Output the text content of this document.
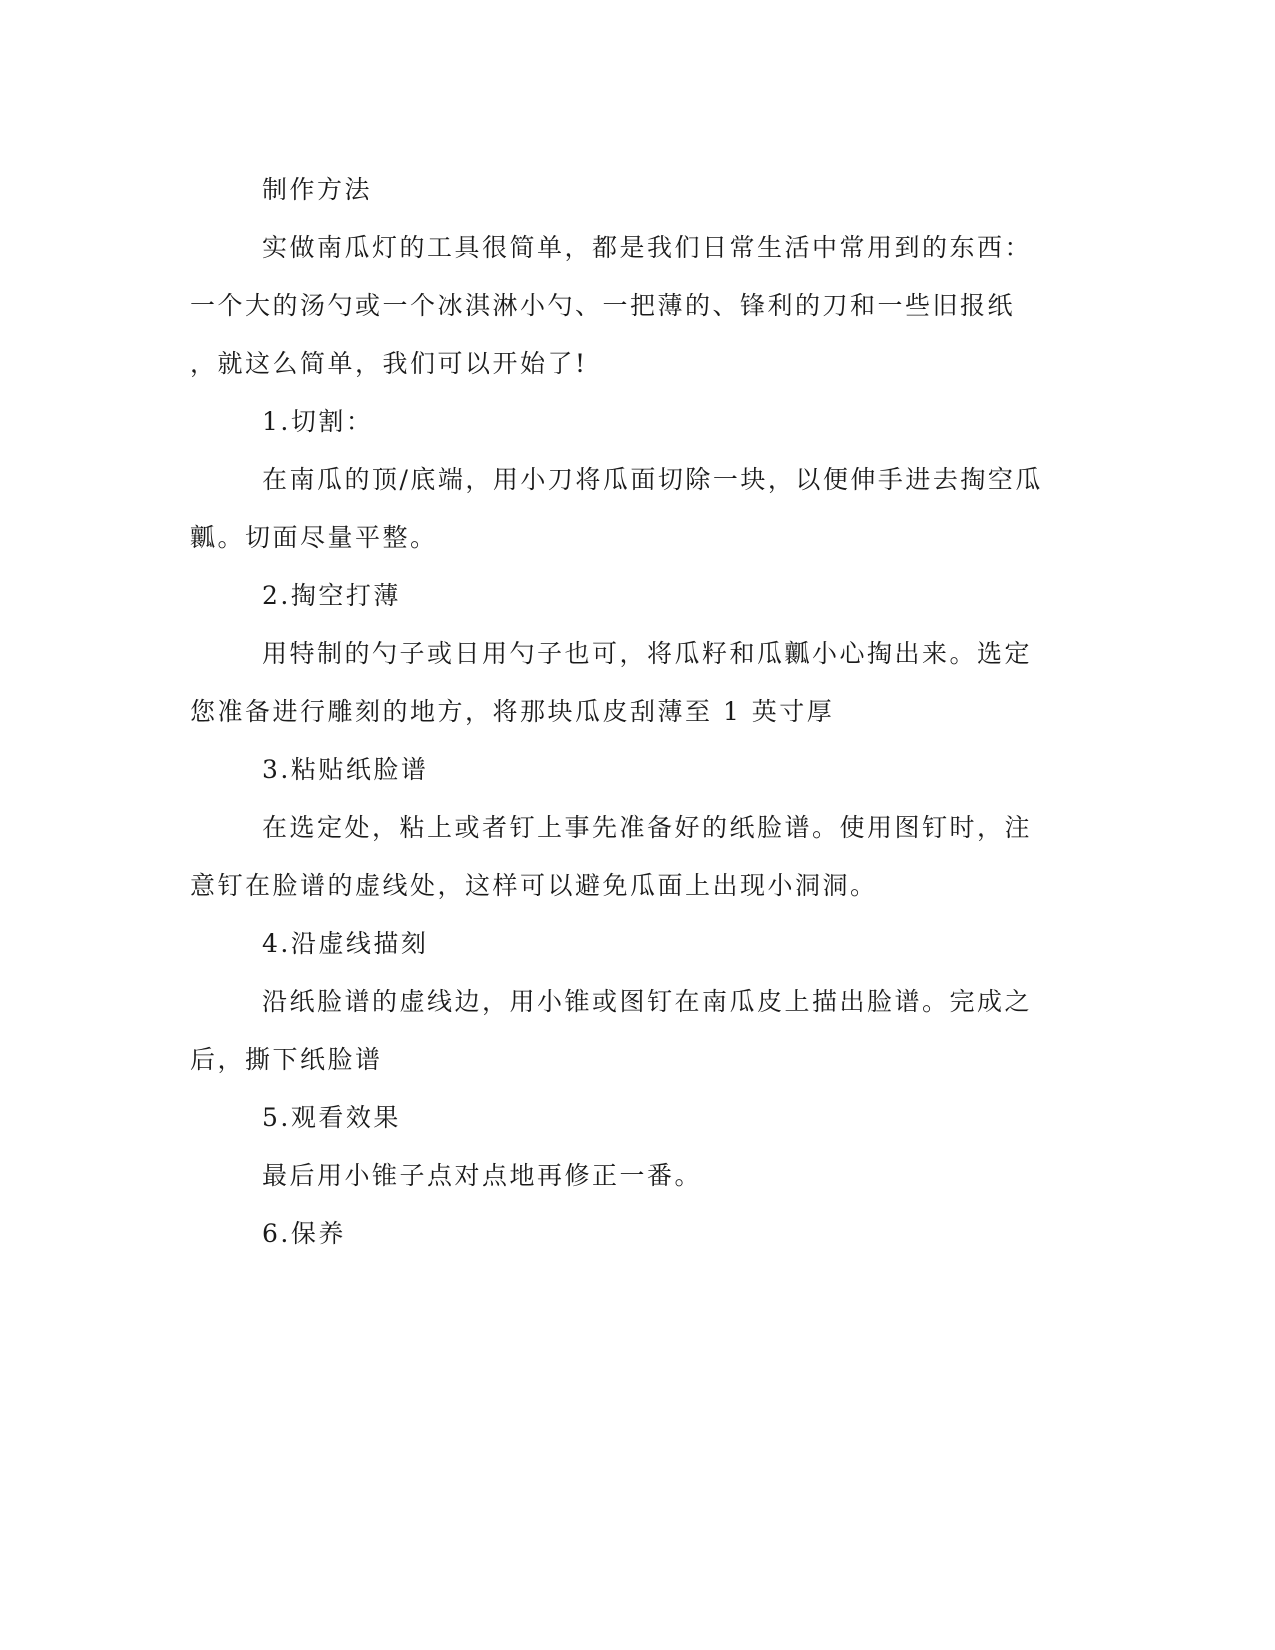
制作方法

实做南瓜灯的工具很简单，都是我们日常生活中常用到的东西：

一个大的汤勺或一个冰淇淋小勺、一把薄的、锋利的刀和一些旧报纸

，就这么简单，我们可以开始了!

1.切割：

在南瓜的顶/底端，用小刀将瓜面切除一块，以便伸手进去掏空瓜

瓤。切面尽量平整。

2.掏空打薄

用特制的勺子或日用勺子也可，将瓜籽和瓜瓤小心掏出来。选定

您准备进行雕刻的地方，将那块瓜皮刮薄至 1 英寸厚

3.粘贴纸脸谱

在选定处，粘上或者钉上事先准备好的纸脸谱。使用图钉时，注

意钉在脸谱的虚线处，这样可以避免瓜面上出现小洞洞。

4.沿虚线描刻

沿纸脸谱的虚线边，用小锥或图钉在南瓜皮上描出脸谱。完成之

后，撕下纸脸谱

5.观看效果

最后用小锥子点对点地再修正一番。

6.保养
